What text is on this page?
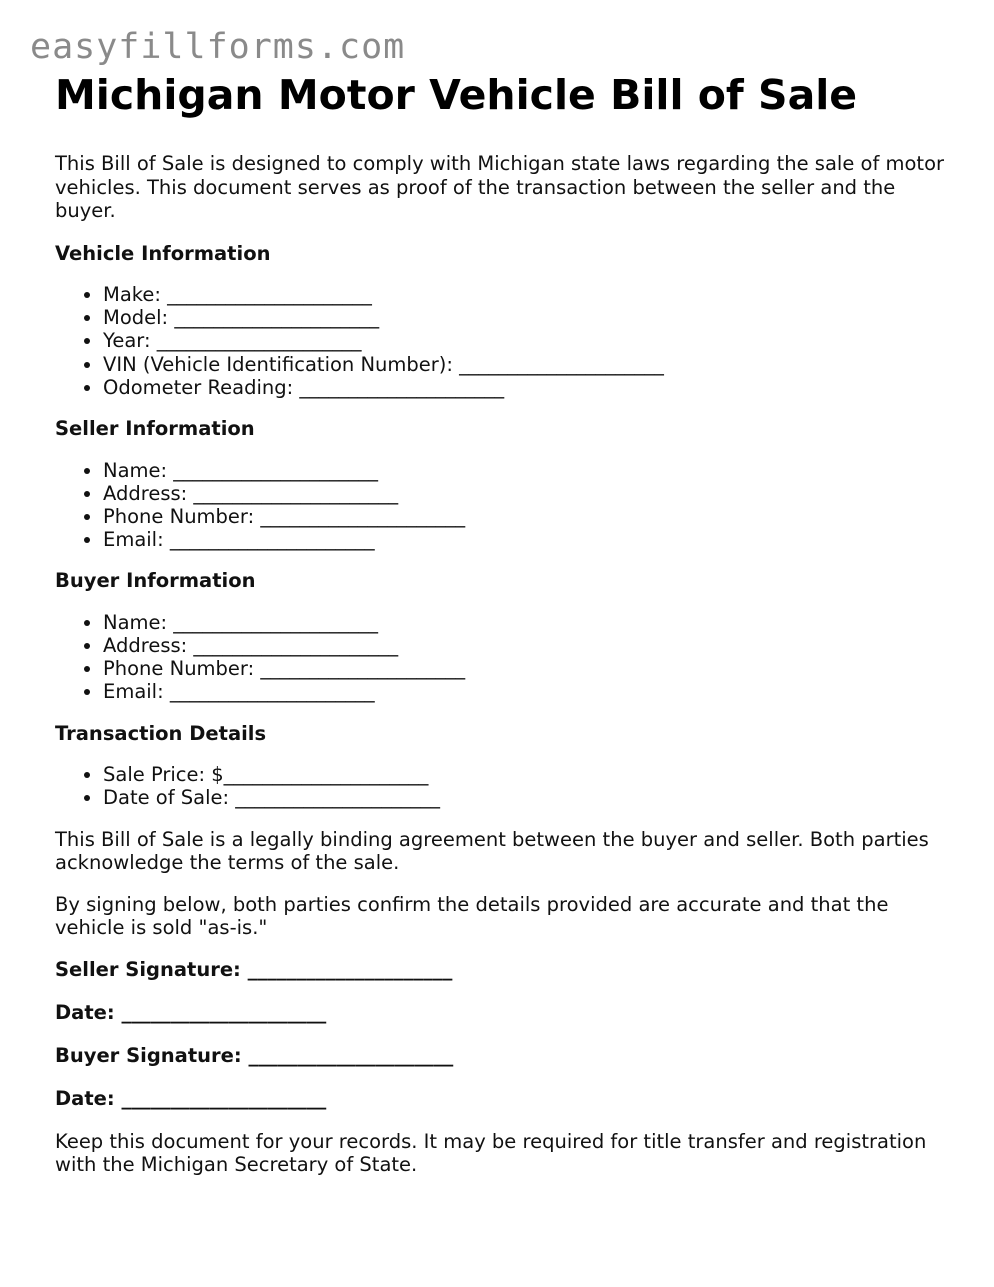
easyfillforms.com
Michigan Motor Vehicle Bill of Sale

This Bill of Sale is designed to comply with Michigan state laws regarding the sale of motor vehicles. This document serves as proof of the transaction between the seller and the buyer.

Vehicle Information
• Make: _____________________
• Model: _____________________
• Year: _____________________
• VIN (Vehicle Identification Number): _____________________
• Odometer Reading: _____________________
Seller Information
• Name: _____________________
• Address: _____________________
• Phone Number: _____________________
• Email: _____________________
Buyer Information
• Name: _____________________
• Address: _____________________
• Phone Number: _____________________
• Email: _____________________
Transaction Details
• Sale Price: $_____________________
• Date of Sale: _____________________

This Bill of Sale is a legally binding agreement between the buyer and seller. Both parties acknowledge the terms of the sale.

By signing below, both parties confirm the details provided are accurate and that the vehicle is sold "as-is."

Seller Signature: _____________________
Date: _____________________
Buyer Signature: _____________________
Date: _____________________

Keep this document for your records. It may be required for title transfer and registration with the Michigan Secretary of State.
